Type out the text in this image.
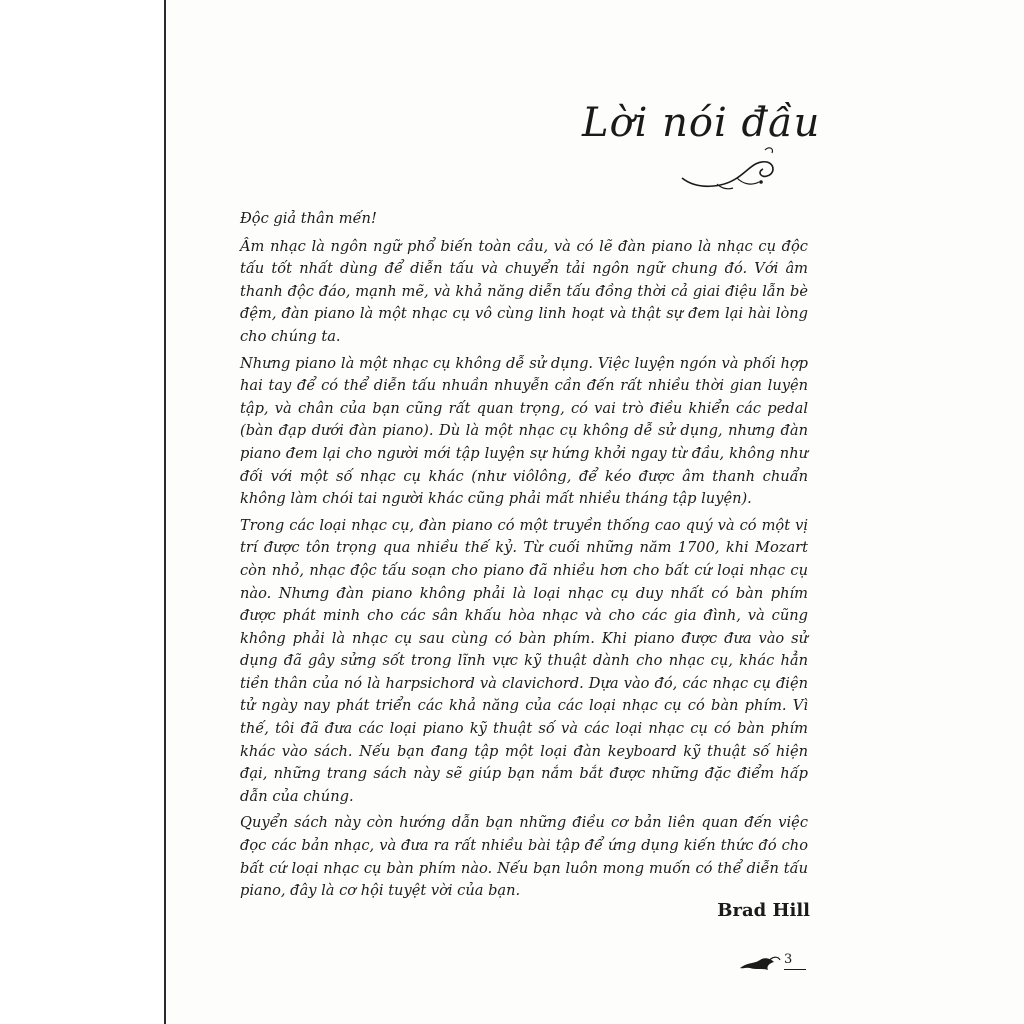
Lời nói đầu

Độc giả thân mến!

Âm nhạc là ngôn ngữ phổ biến toàn cầu, và có lẽ đàn piano là nhạc cụ độc tấu tốt nhất dùng để diễn tấu và chuyển tải ngôn ngữ chung đó. Với âm thanh độc đáo, mạnh mẽ, và khả năng diễn tấu đồng thời cả giai điệu lẫn bè đệm, đàn piano là một nhạc cụ vô cùng linh hoạt và thật sự đem lại hài lòng cho chúng ta.

Nhưng piano là một nhạc cụ không dễ sử dụng. Việc luyện ngón và phối hợp hai tay để có thể diễn tấu nhuần nhuyễn cần đến rất nhiều thời gian luyện tập, và chân của bạn cũng rất quan trọng, có vai trò điều khiển các pedal (bàn đạp dưới đàn piano). Dù là một nhạc cụ không dễ sử dụng, nhưng đàn piano đem lại cho người mới tập luyện sự hứng khởi ngay từ đầu, không như đối với một số nhạc cụ khác (như viôlông, để kéo được âm thanh chuẩn không làm chói tai người khác cũng phải mất nhiều tháng tập luyện).

Trong các loại nhạc cụ, đàn piano có một truyền thống cao quý và có một vị trí được tôn trọng qua nhiều thế kỷ. Từ cuối những năm 1700, khi Mozart còn nhỏ, nhạc độc tấu soạn cho piano đã nhiều hơn cho bất cứ loại nhạc cụ nào. Nhưng đàn piano không phải là loại nhạc cụ duy nhất có bàn phím được phát minh cho các sân khấu hòa nhạc và cho các gia đình, và cũng không phải là nhạc cụ sau cùng có bàn phím. Khi piano được đưa vào sử dụng đã gây sửng sốt trong lĩnh vực kỹ thuật dành cho nhạc cụ, khác hẳn tiền thân của nó là harpsichord và clavichord. Dựa vào đó, các nhạc cụ điện tử ngày nay phát triển các khả năng của các loại nhạc cụ có bàn phím. Vì thế, tôi đã đưa các loại piano kỹ thuật số và các loại nhạc cụ có bàn phím khác vào sách. Nếu bạn đang tập một loại đàn keyboard kỹ thuật số hiện đại, những trang sách này sẽ giúp bạn nắm bắt được những đặc điểm hấp dẫn của chúng.

Quyển sách này còn hướng dẫn bạn những điều cơ bản liên quan đến việc đọc các bản nhạc, và đưa ra rất nhiều bài tập để ứng dụng kiến thức đó cho bất cứ loại nhạc cụ bàn phím nào. Nếu bạn luôn mong muốn có thể diễn tấu piano, đây là cơ hội tuyệt vời của bạn.

Brad Hill
3
